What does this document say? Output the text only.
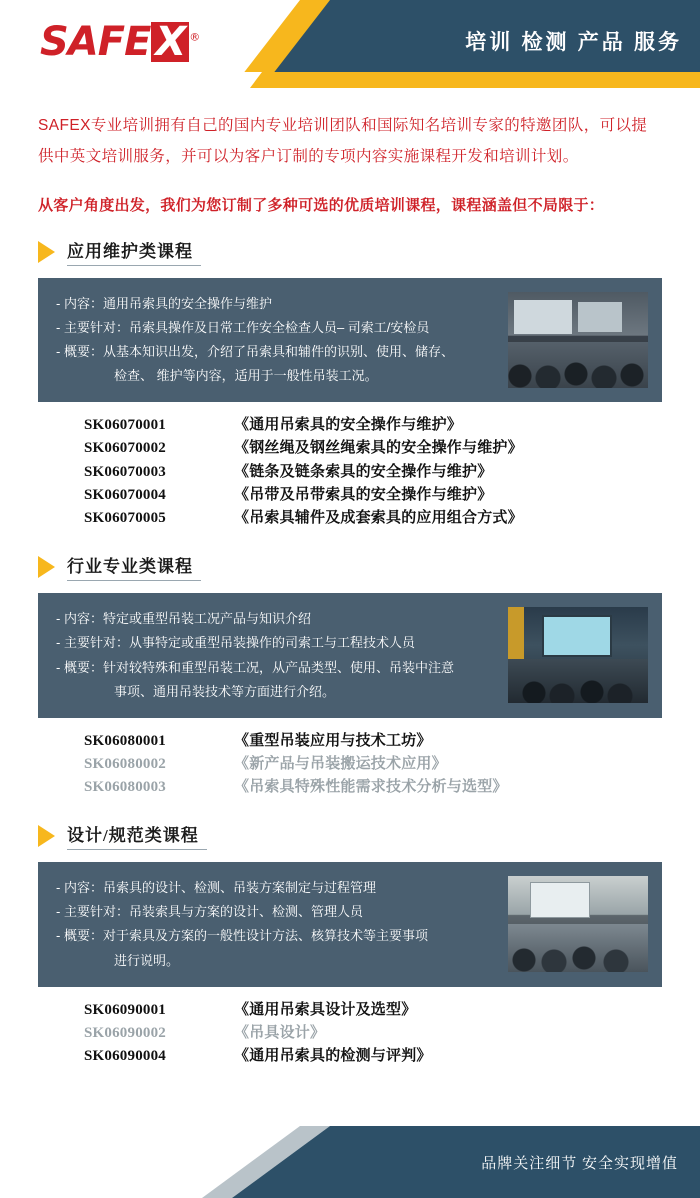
SAFE X ®	培训 检测 产品 服务
SAFEX专业培训拥有自己的国内专业培训团队和国际知名培训专家的特邀团队，可以提供中英文培训服务，并可以为客户订制的专项内容实施课程开发和培训计划。
从客户角度出发，我们为您订制了多种可选的优质培训课程，课程涵盖但不局限于：
应用维护类课程
- 内容：通用吊索具的安全操作与维护
- 主要针对：吊索具操作及日常工作安全检查人员– 司索工/安检员
- 概要：从基本知识出发，介绍了吊索具和辅件的识别、使用、储存、
检查、 维护等内容，适用于一般性吊装工况。
SK06070001	《通用吊索具的安全操作与维护》
SK06070002	《钢丝绳及钢丝绳索具的安全操作与维护》
SK06070003	《链条及链条索具的安全操作与维护》
SK06070004	《吊带及吊带索具的安全操作与维护》
SK06070005	《吊索具辅件及成套索具的应用组合方式》
行业专业类课程
- 内容：特定或重型吊装工况产品与知识介绍
- 主要针对：从事特定或重型吊装操作的司索工与工程技术人员
- 概要：针对较特殊和重型吊装工况，从产品类型、使用、吊装中注意
事项、通用吊装技术等方面进行介绍。
SK06080001	《重型吊装应用与技术工坊》
SK06080002	《新产品与吊装搬运技术应用》
SK06080003	《吊索具特殊性能需求技术分析与选型》
设计/规范类课程
- 内容：吊索具的设计、检测、吊装方案制定与过程管理
- 主要针对：吊装索具与方案的设计、检测、管理人员
- 概要：对于索具及方案的一般性设计方法、核算技术等主要事项
进行说明。
SK06090001	《通用吊索具设计及选型》
SK06090002	《吊具设计》
SK06090004	《通用吊索具的检测与评判》
品牌关注细节 安全实现增值
